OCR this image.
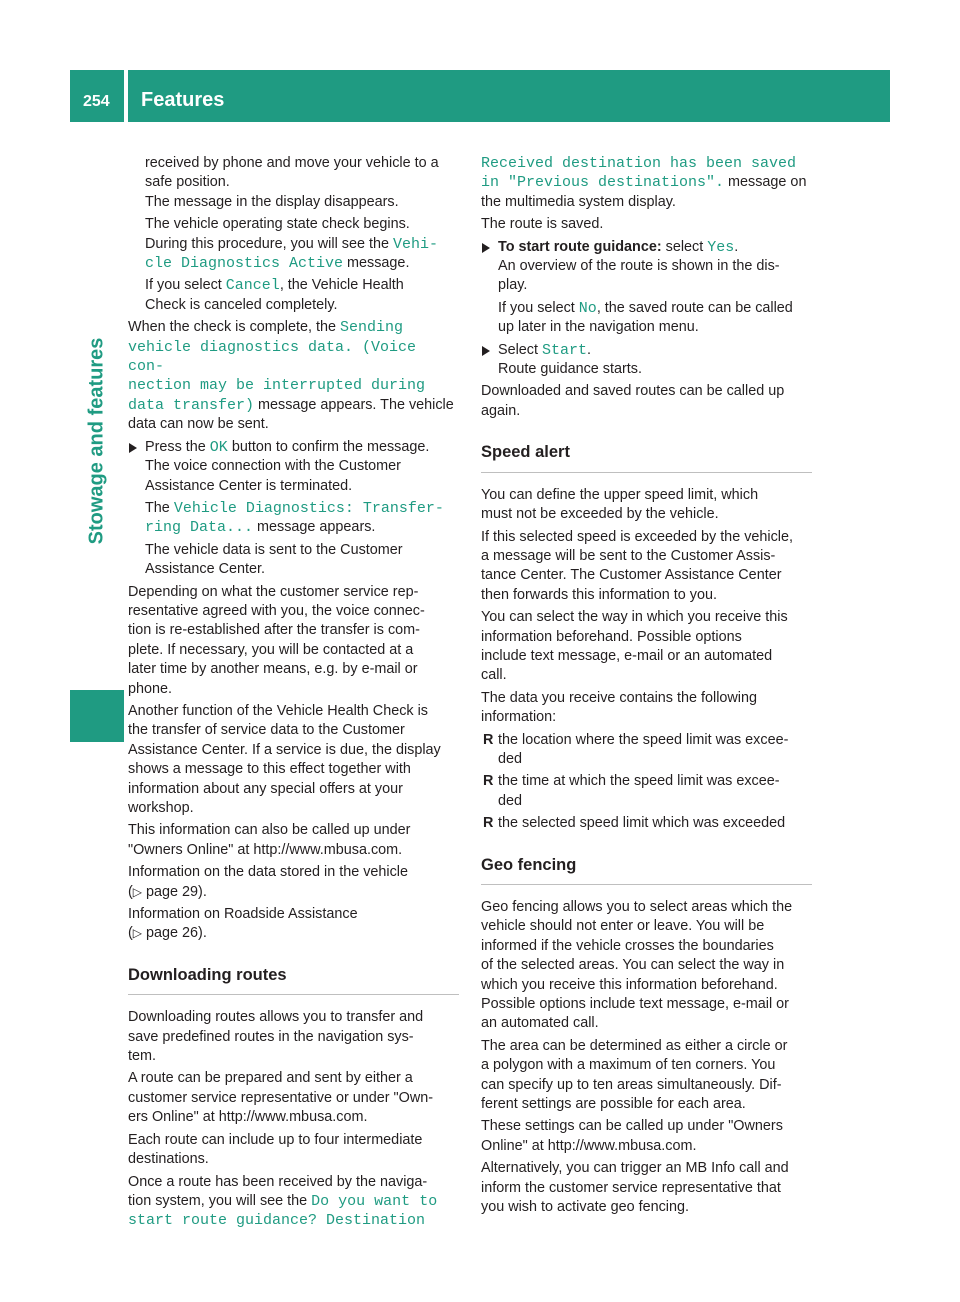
254 Features
Stowage and features

received by phone and move your vehicle to a
safe position.
The message in the display disappears.

The vehicle operating state check begins.
During this procedure, you will see the Vehi‐
cle Diagnostics Active message.

If you select Cancel, the Vehicle Health
Check is canceled completely.

When the check is complete, the Sending
vehicle diagnostics data. (Voice con‐
nection may be interrupted during
data transfer) message appears. The vehicle
data can now be sent.

Press the OK button to confirm the message.
The voice connection with the Customer
Assistance Center is terminated.

The Vehicle Diagnostics: Transfer‐
ring Data... message appears.

The vehicle data is sent to the Customer
Assistance Center.

Depending on what the customer service rep-
resentative agreed with you, the voice connec-
tion is re-established after the transfer is com-
plete. If necessary, you will be contacted at a
later time by another means, e.g. by e-mail or
phone.

Another function of the Vehicle Health Check is
the transfer of service data to the Customer
Assistance Center. If a service is due, the display
shows a message to this effect together with
information about any special offers at your
workshop.

This information can also be called up under
"Owners Online" at http://www.mbusa.com.

Information on the data stored in the vehicle
(▷ page 29).

Information on Roadside Assistance
(▷ page 26).

Downloading routes

Downloading routes allows you to transfer and
save predefined routes in the navigation sys-
tem.

A route can be prepared and sent by either a
customer service representative or under "Own-
ers Online" at http://www.mbusa.com.

Each route can include up to four intermediate
destinations.

Once a route has been received by the naviga-
tion system, you will see the Do you want to
start route guidance? Destination

Received destination has been saved
in "Previous destinations". message on
the multimedia system display.

The route is saved.

To start route guidance: select Yes.
An overview of the route is shown in the dis-
play.

If you select No, the saved route can be called
up later in the navigation menu.

Select Start.
Route guidance starts.

Downloaded and saved routes can be called up
again.

Speed alert

You can define the upper speed limit, which
must not be exceeded by the vehicle.

If this selected speed is exceeded by the vehicle,
a message will be sent to the Customer Assis-
tance Center. The Customer Assistance Center
then forwards this information to you.

You can select the way in which you receive this
information beforehand. Possible options
include text message, e-mail or an automated
call.

The data you receive contains the following
information:

R the location where the speed limit was excee-
ded
R the time at which the speed limit was excee-
ded
R the selected speed limit which was exceeded
Geo fencing

Geo fencing allows you to select areas which the
vehicle should not enter or leave. You will be
informed if the vehicle crosses the boundaries
of the selected areas. You can select the way in
which you receive this information beforehand.
Possible options include text message, e-mail or
an automated call.

The area can be determined as either a circle or
a polygon with a maximum of ten corners. You
can specify up to ten areas simultaneously. Dif-
ferent settings are possible for each area.

These settings can be called up under "Owners
Online" at http://www.mbusa.com.

Alternatively, you can trigger an MB Info call and
inform the customer service representative that
you wish to activate geo fencing.
